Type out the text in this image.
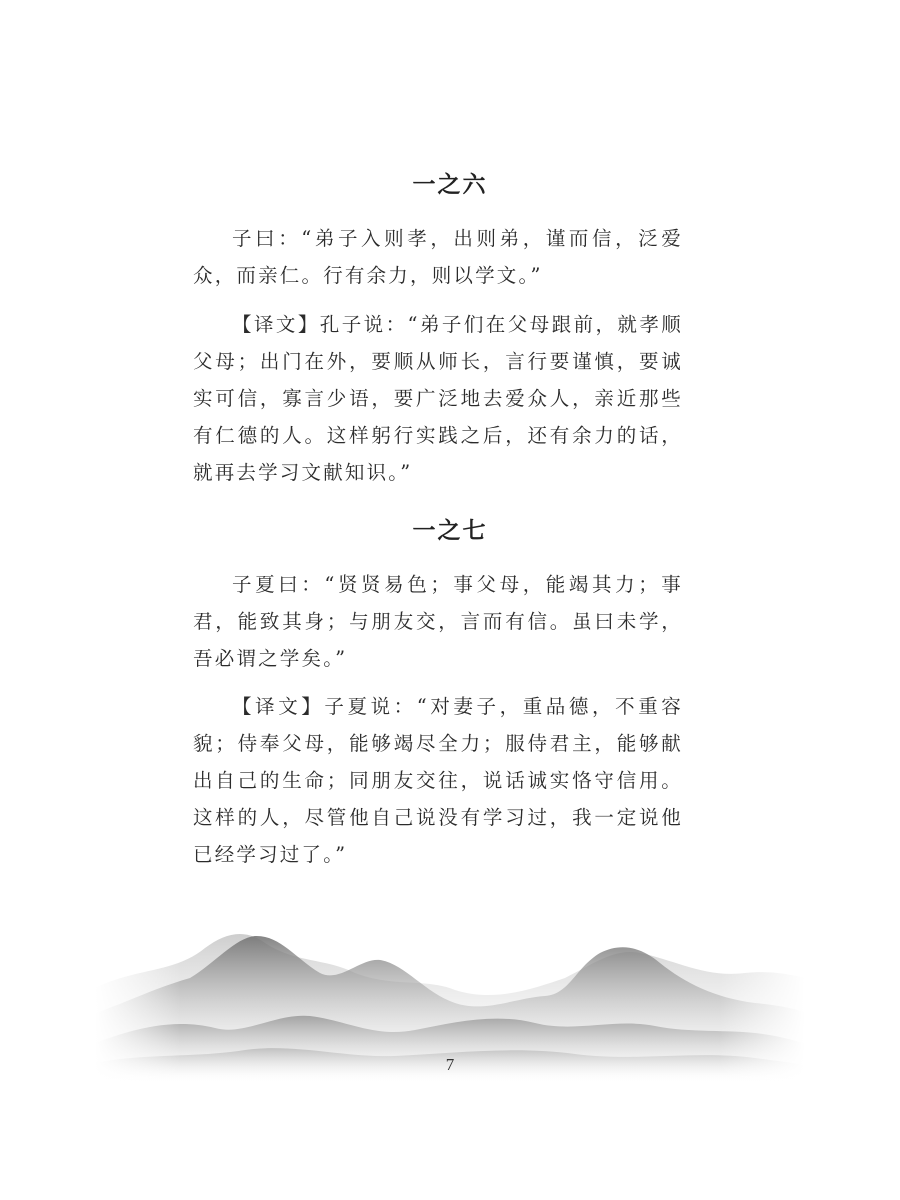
一之六

子曰：“弟子入则孝，出则弟，谨而信，泛爱众，而亲仁。行有余力，则以学文。”

【译文】孔子说：“弟子们在父母跟前，就孝顺父母；出门在外，要顺从师长，言行要谨慎，要诚实可信，寡言少语，要广泛地去爱众人，亲近那些有仁德的人。这样躬行实践之后，还有余力的话，就再去学习文献知识。”

一之七

子夏曰：“贤贤易色；事父母，能竭其力；事君，能致其身；与朋友交，言而有信。虽曰未学，吾必谓之学矣。”

【译文】子夏说：“对妻子，重品德，不重容貌；侍奉父母，能够竭尽全力；服侍君主，能够献出自己的生命；同朋友交往，说话诚实恪守信用。这样的人，尽管他自己说没有学习过，我一定说他已经学习过了。”

7
